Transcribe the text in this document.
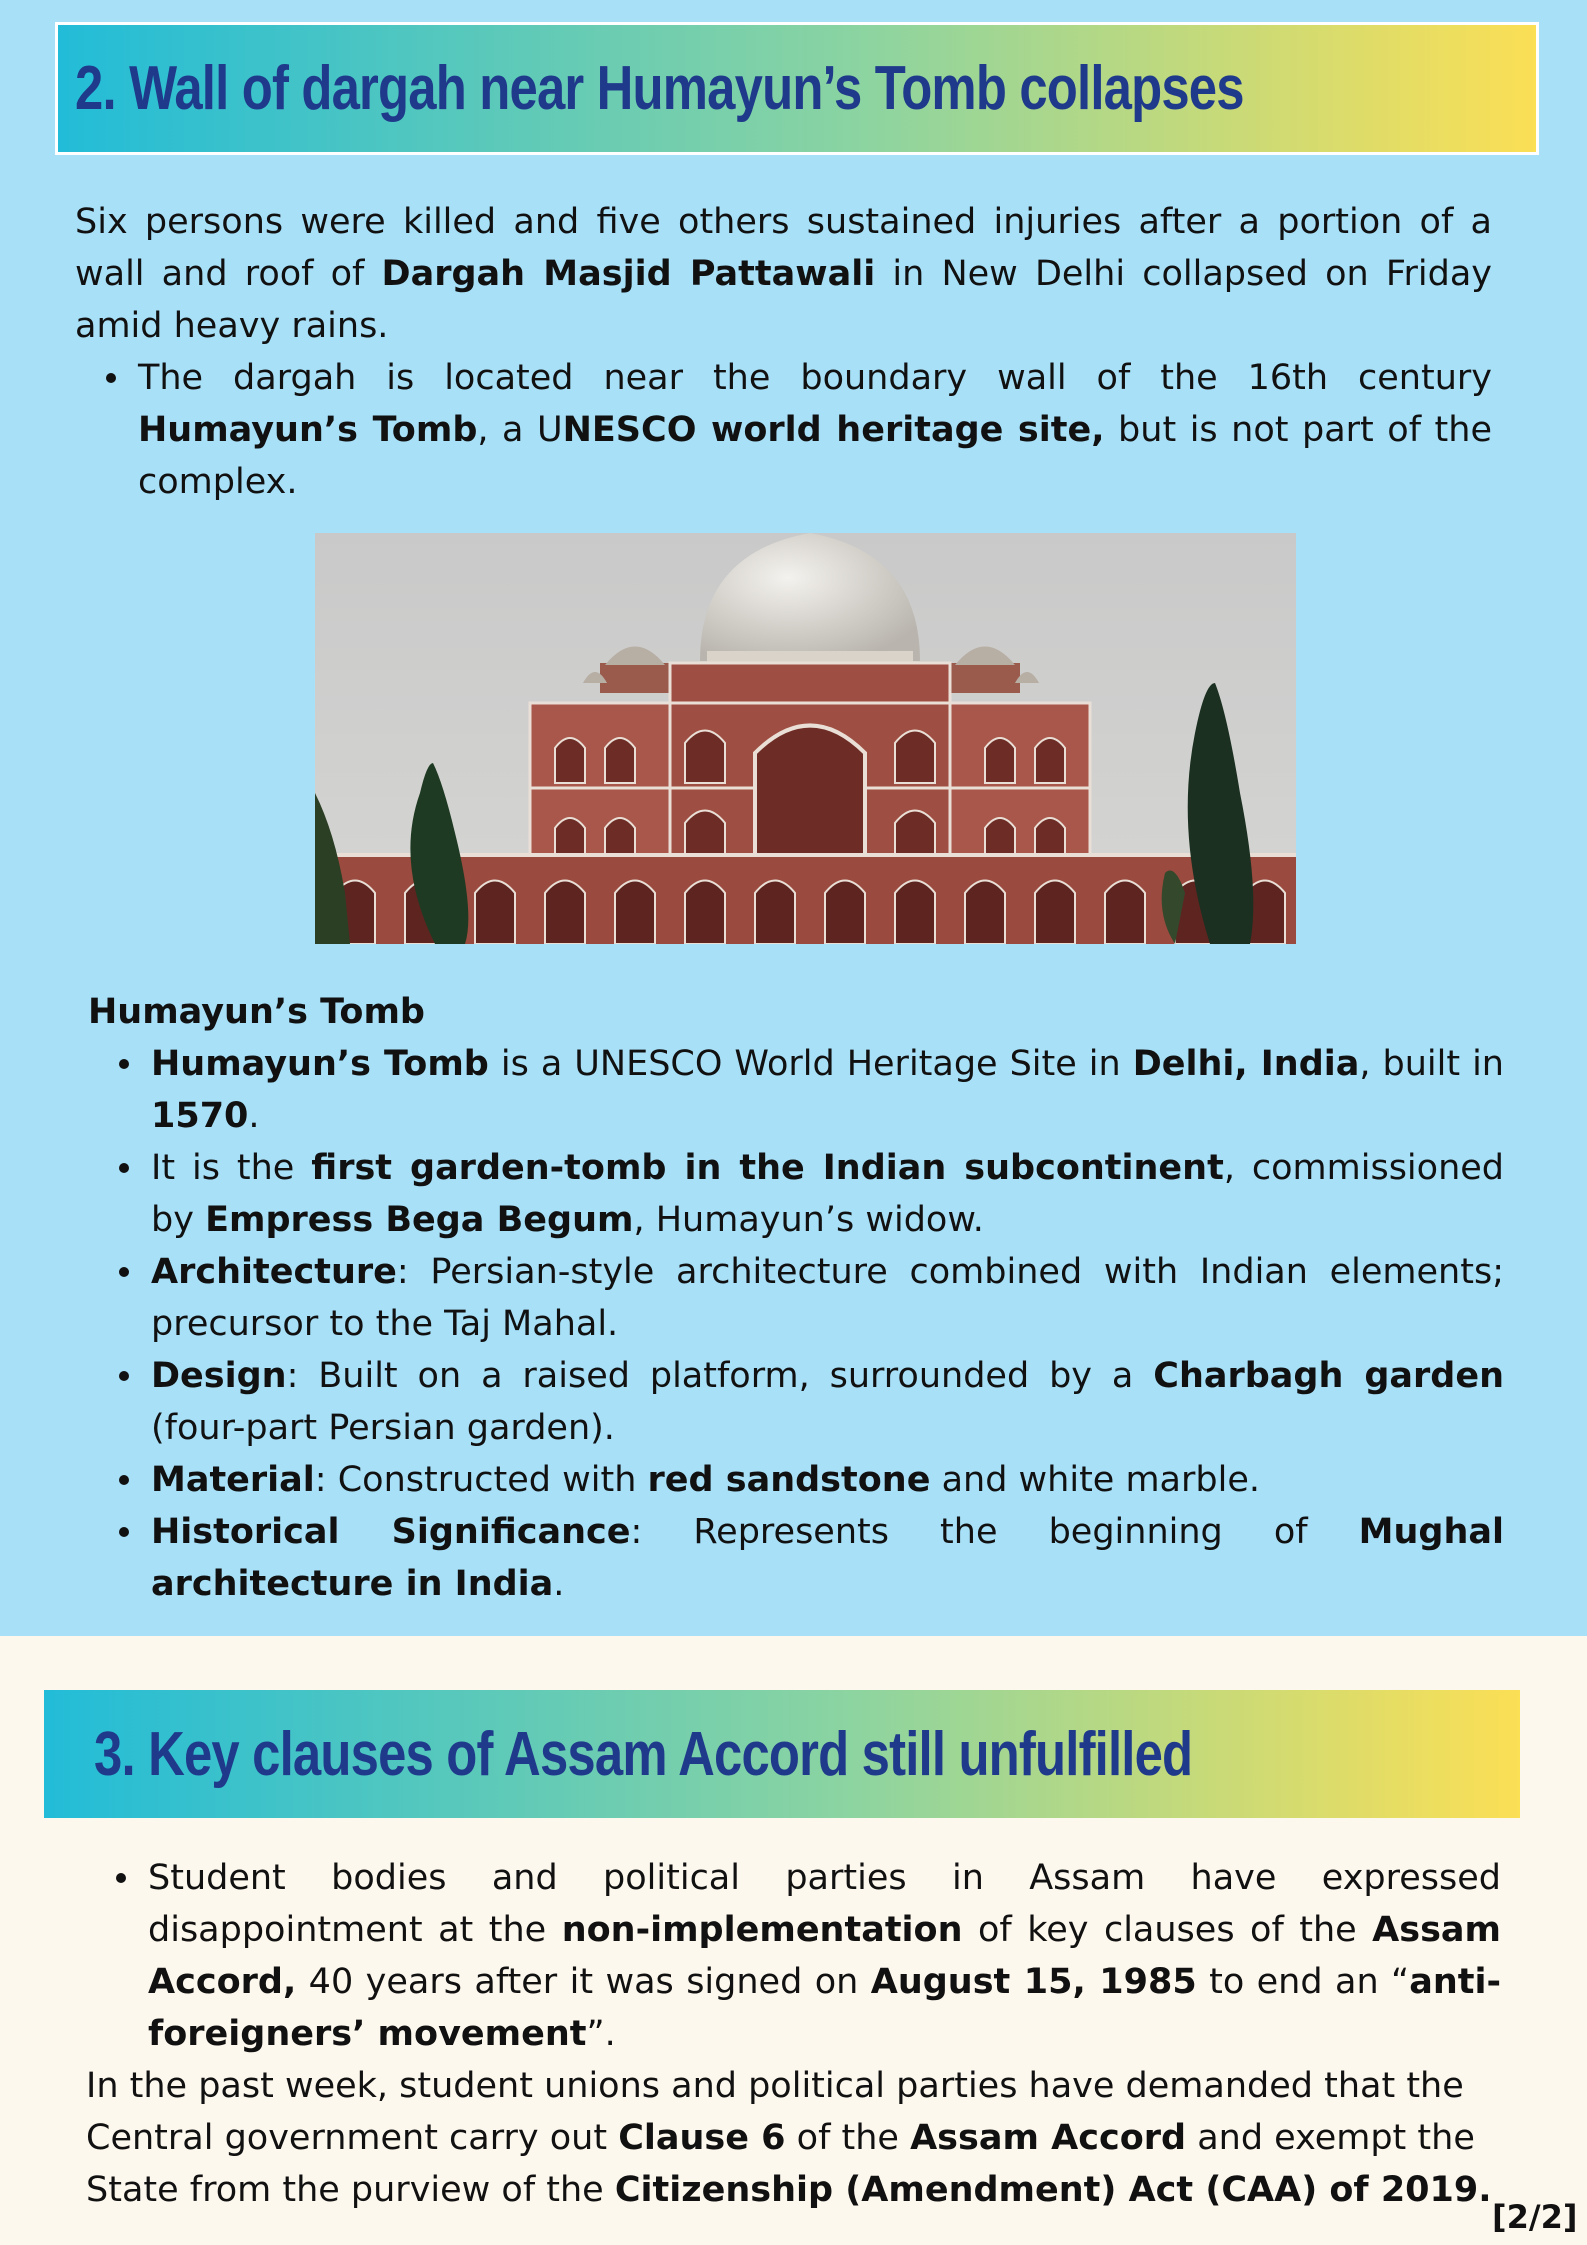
2. Wall of dargah near Humayun’s Tomb collapses

Six persons were killed and five others sustained injuries after a portion of a wall and roof of Dargah Masjid Pattawali in New Delhi collapsed on Friday amid heavy rains.

The dargah is located near the boundary wall of the 16th century Humayun’s Tomb, a UNESCO world heritage site, but is not part of the complex.
Humayun’s Tomb
Humayun’s Tomb is a UNESCO World Heritage Site in Delhi, India, built in 1570.
It is the first garden-tomb in the Indian subcontinent, commissioned by Empress Bega Begum, Humayun’s widow.
Architecture: Persian-style architecture combined with Indian elements; precursor to the Taj Mahal.
Design: Built on a raised platform, surrounded by a Charbagh garden (four-part Persian garden).
Material: Constructed with red sandstone and white marble.
Historical Significance: Represents the beginning of Mughal architecture in India.
3. Key clauses of Assam Accord still unfulfilled
Student bodies and political parties in Assam have expressed disappointment at the non-implementation of key clauses of the Assam Accord, 40 years after it was signed on August 15, 1985 to end an “anti-foreigners’ movement”.

In the past week, student unions and political parties have demanded that the Central government carry out Clause 6 of the Assam Accord and exempt the State from the purview of the Citizenship (Amendment) Act (CAA) of 2019.

[2/2]
